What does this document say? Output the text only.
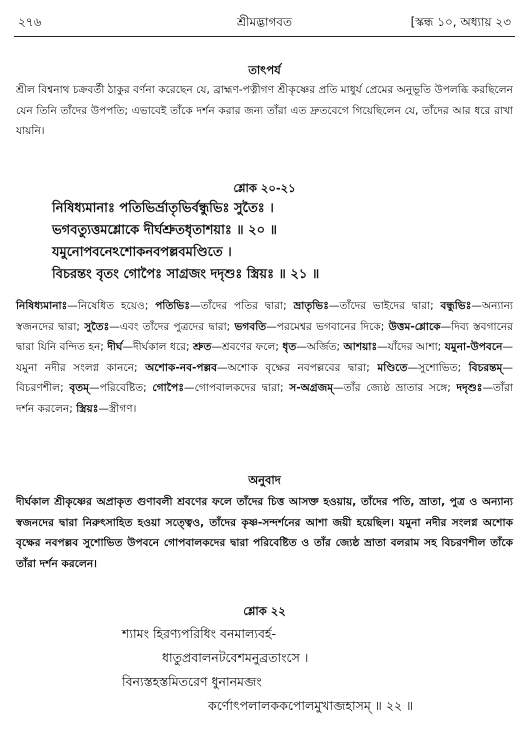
২৭৬	শ্রীমদ্ভাগবত	[স্কন্ধ ১০, অধ্যায় ২৩
তাৎপর্য
শ্রীল বিশ্বনাথ চক্রবর্তী ঠাকুর বর্ণনা করেছেন যে, ব্রাহ্মণ-পত্নীগণ শ্রীকৃষ্ণের প্রতি মাধুর্য প্রেমের অনুভূতি উপলব্ধি করছিলেন যেন তিনি তাঁদের উপপতি; এভাবেই তাঁকে দর্শন করার জন্য তাঁরা এত দ্রুতবেগে গিয়েছিলেন যে, তাঁদের আর ধরে রাখা যায়নি।
শ্লোক ২০-২১
নিষিধ্যমানাঃ পতিভির্ভ্রাতৃভির্বন্ধুভিঃ সুতৈঃ ।
ভগবত্যুত্তমশ্লোকে দীর্ঘশ্রুতধৃতাশয়াঃ ॥ ২০ ॥
যমুনোপবনেঽশোকনবপল্লবমণ্ডিতে ।
বিচরন্তং বৃতং গোপৈঃ সাগ্রজং দদৃশুঃ স্ত্রিয়ঃ ॥ ২১ ॥
নিষিধ্যমানাঃ—নিষেধিত হয়েও; পতিভিঃ—তাঁদের পতির দ্বারা; ভ্রাতৃভিঃ—তাঁদের ভাইদের দ্বারা; বন্ধুভিঃ—অন্যান্য স্বজনদের দ্বারা; সুতৈঃ—এবং তাঁদের পুত্রদের দ্বারা; ভগবতি—পরমেশ্বর ভগবানের দিকে; উত্তম-শ্লোকে—দিব্য স্তবগানের দ্বারা যিনি বন্দিত হন; দীর্ঘ—দীর্ঘকাল ধরে; শ্রুত—শ্রবণের ফলে; ধৃত—অর্জিত; আশয়াঃ—যাঁদের আশা; যমুনা-উপবনে—যমুনা নদীর সংলগ্ন কাননে; অশোক-নব-পল্লব—অশোক বৃক্ষের নবপল্লবের দ্বারা; মণ্ডিতে—সুশোভিত; বিচরন্তম্—বিচরণশীল; বৃতম্—পরিবেষ্টিত; গোপৈঃ—গোপবালকদের দ্বারা; স-অগ্রজম্—তাঁর জ্যেষ্ঠ ভ্রাতার সঙ্গে; দদৃশুঃ—তাঁরা দর্শন করলেন; স্ত্রিয়ঃ—স্ত্রীগণ।
অনুবাদ
দীর্ঘকাল শ্রীকৃষ্ণের অপ্রাকৃত গুণাবলী শ্রবণের ফলে তাঁদের চিত্ত আসক্ত হওয়ায়, তাঁদের পতি, ভ্রাতা, পুত্র ও অন্যান্য স্বজনদের দ্বারা নিরুৎসাহিত হওয়া সত্ত্বেও, তাঁদের কৃষ্ণ-সন্দর্শনের আশা জয়ী হয়েছিল। যমুনা নদীর সংলগ্ন অশোক বৃক্ষের নবপল্লব সুশোভিত উপবনে গোপবালকদের দ্বারা পরিবেষ্টিত ও তাঁর জ্যেষ্ঠ ভ্রাতা বলরাম সহ বিচরণশীল তাঁকে তাঁরা দর্শন করলেন।
শ্লোক ২২
শ্যামং হিরণ্যপরিধিং বনমাল্যবর্হ-
ধাতুপ্রবালনটবেশমনুব্রতাংসে ।
বিন্যস্তহস্তমিতরেণ ধুনানমব্জং
কর্ণোৎপলালককপোলমুখাব্জহাসম্ ॥ ২২ ॥
